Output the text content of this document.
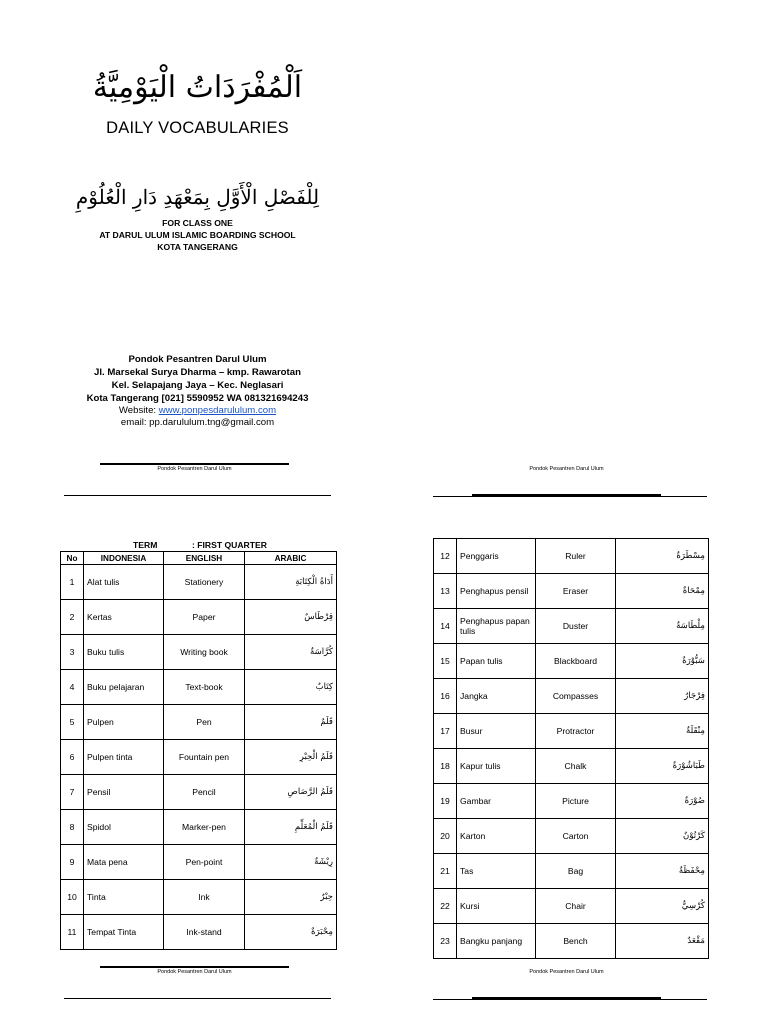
اَلْمُفْرَدَاتُ الْيَوْمِيَّةُ
DAILY VOCABULARIES
لِلْفَصْلِ الْأَوَّلِ بِمَعْهَدِ دَارِ الْعُلُوْمِ
FOR CLASS ONE
AT DARUL ULUM ISLAMIC BOARDING SCHOOL
KOTA TANGERANG
Pondok Pesantren Darul Ulum
Jl. Marsekal Surya Dharma – kmp. Rawarotan
Kel. Selapajang Jaya – Kec. Neglasari
Kota Tangerang [021] 5590952 WA 081321694243
Website: www.ponpesdarululum.com
email: pp.darululum.tng@gmail.com
Pondok Pesantren Darul Ulum	Pondok Pesantren Darul Ulum
TERM	: FIRST QUARTER
No	INDONESIA	ENGLISH	ARABIC
1	Alat tulis	Stationery	أَدَاةُ الْكِتَابَةِ
2	Kertas	Paper	قِرْطَاسٌ
3	Buku tulis	Writing book	كُرَّاسَةٌ
4	Buku pelajaran	Text-book	كِتَابٌ
5	Pulpen	Pen	قَلَمٌ
6	Pulpen tinta	Fountain pen	قَلَمُ الْحِبْرِ
7	Pensil	Pencil	قَلَمُ الرَّصَاصِ
8	Spidol	Marker-pen	قَلَمُ الْمُعَلِّمِ
9	Mata pena	Pen-point	رِيْشَةٌ
10	Tinta	Ink	حِبْرٌ
11	Tempat Tinta	Ink-stand	مِحْبَرَةٌ
Pondok Pesantren Darul Ulum
12	Penggaris	Ruler	مِسْطَرَةٌ
13	Penghapus pensil	Eraser	مِمْحَاةٌ
14	Penghapus papan tulis	Duster	مِلْطَاسَةٌ
15	Papan tulis	Blackboard	سَبُّوْرَةٌ
16	Jangka	Compasses	فِرْجَارٌ
17	Busur	Protractor	مِنْقَلَةٌ
18	Kapur tulis	Chalk	طَبَاشُوْرَةٌ
19	Gambar	Picture	صُوْرَةٌ
20	Karton	Carton	كَرْتُوْنٌ
21	Tas	Bag	مِحْفَظَةٌ
22	Kursi	Chair	كُرْسِيٌّ
23	Bangku panjang	Bench	مَقْعَدٌ
Pondok Pesantren Darul Ulum
